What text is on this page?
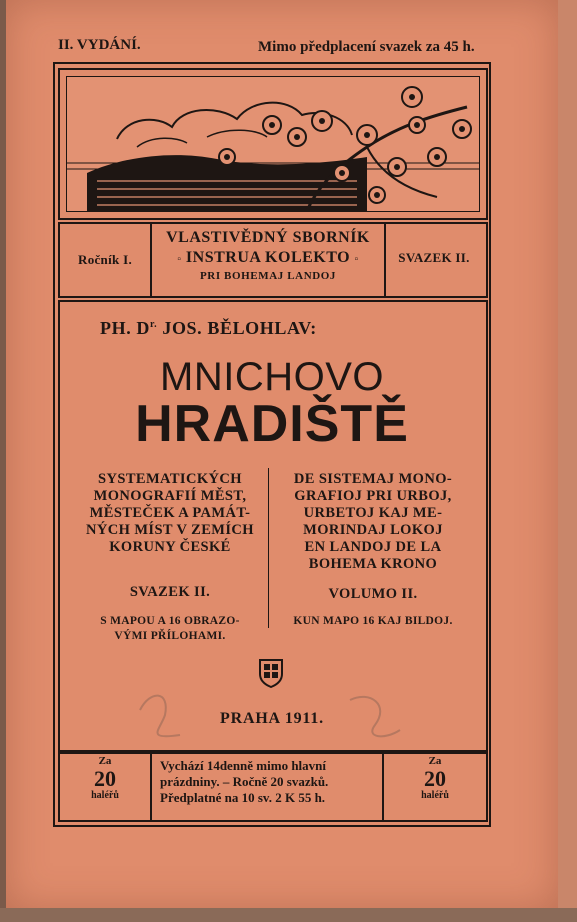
II. VYDÁNÍ.	Mimo předplacení svazek za 45 h.
Ročník I.
VLASTIVĚDNÝ SBORNÍK
▫ INSTRUA KOLEKTO ▫
PRI BOHEMAJ LANDOJ
SVAZEK II.
PH. $D^{r.}$ JOS. BĚLOHLAV:
MNICHOVO
HRADIŠTĚ
SYSTEMATICKÝCH
MONOGRAFIÍ MĚST,
MĚSTEČEK A PAMÁT-
NÝCH MÍST V ZEMÍCH
KORUNY ČESKÉ
SVAZEK II.
S MAPOU A 16 OBRAZO-
VÝMI PŘÍLOHAMI.
DE SISTEMAJ MONO-
GRAFIOJ PRI URBOJ,
URBETOJ KAJ ME-
MORINDAJ LOKOJ
EN LANDOJ DE LA
BOHEMA KRONO
VOLUMO II.
KUN MAPO 16 KAJ BILDOJ.
PRAHA 1911.
Za
20
haléřů
Za
20
haléřů
Vychází 14denně mimo hlavní
prázdniny. – Ročně 20 svazků.
Předplatné na 10 sv. 2 K 55 h.
